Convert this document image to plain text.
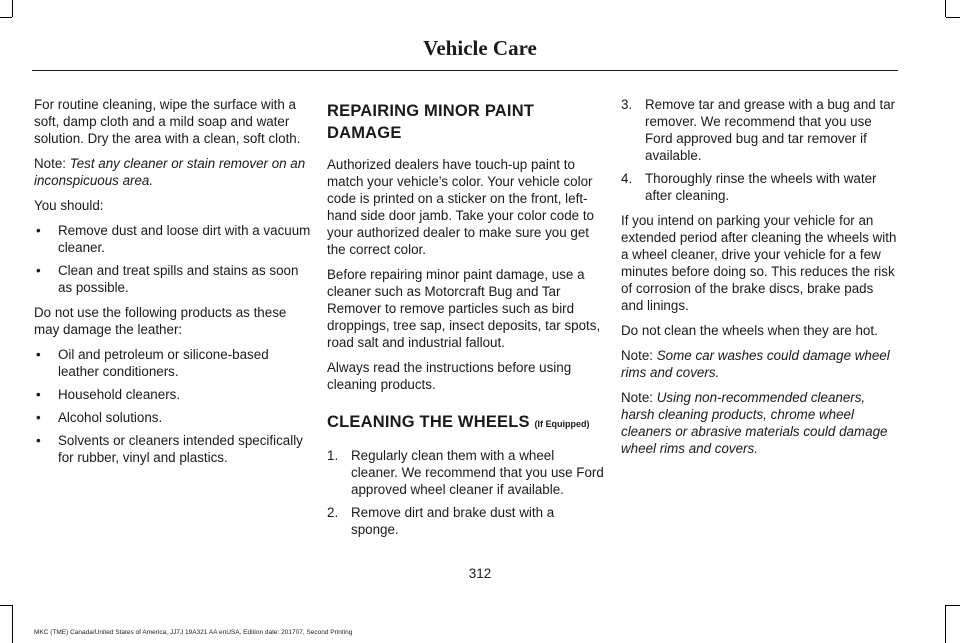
Vehicle Care

For routine cleaning, wipe the surface with a soft, damp cloth and a mild soap and water solution. Dry the area with a clean, soft cloth.

Note: Test any cleaner or stain remover on an inconspicuous area.

You should:

• Remove dust and loose dirt with a vacuum cleaner.
• Clean and treat spills and stains as soon as possible.

Do not use the following products as these may damage the leather:

• Oil and petroleum or silicone-based leather conditioners.
• Household cleaners.
• Alcohol solutions.
• Solvents or cleaners intended specifically for rubber, vinyl and plastics.
REPAIRING MINOR PAINT
DAMAGE

Authorized dealers have touch-up paint to match your vehicle’s color. Your vehicle color code is printed on a sticker on the front, left-hand side door jamb. Take your color code to your authorized dealer to make sure you get the correct color.

Before repairing minor paint damage, use a cleaner such as Motorcraft Bug and Tar Remover to remove particles such as bird droppings, tree sap, insect deposits, tar spots, road salt and industrial fallout.

Always read the instructions before using cleaning products.

CLEANING THE WHEELS (If Equipped)
1. Regularly clean them with a wheel cleaner. We recommend that you use Ford approved wheel cleaner if available.
2. Remove dirt and brake dust with a sponge.
3. Remove tar and grease with a bug and tar remover. We recommend that you use Ford approved bug and tar remover if available.
4. Thoroughly rinse the wheels with water after cleaning.

If you intend on parking your vehicle for an extended period after cleaning the wheels with a wheel cleaner, drive your vehicle for a few minutes before doing so. This reduces the risk of corrosion of the brake discs, brake pads and linings.

Do not clean the wheels when they are hot.

Note: Some car washes could damage wheel rims and covers.

Note: Using non-recommended cleaners, harsh cleaning products, chrome wheel cleaners or abrasive materials could damage wheel rims and covers.

312
MKC (TME) Canada/United States of America, JJ7J 19A321 AA enUSA, Edition date: 201707, Second Printing
